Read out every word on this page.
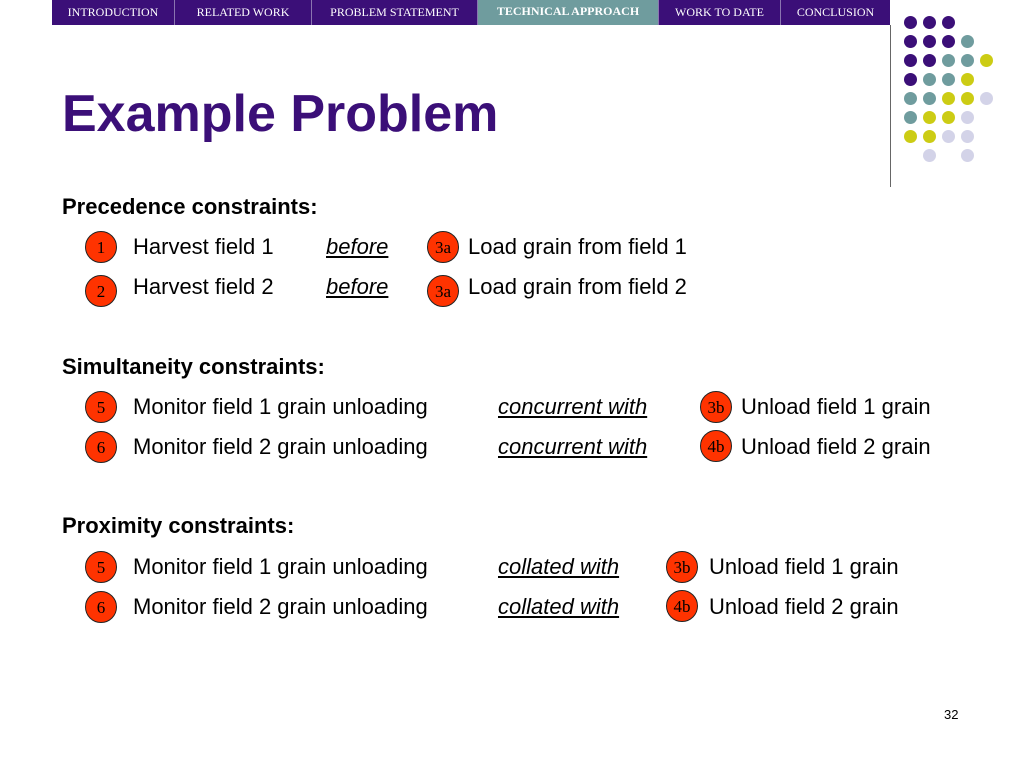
INTRODUCTION	RELATED WORK	PROBLEM STATEMENT	TECHNICAL APPROACH	WORK TO DATE	CONCLUSION
Example Problem
Precedence constraints:
1	Harvest field 1 before	3a Load grain from field 1
2	Harvest field 2 before	3a Load grain from field 2
Simultaneity constraints:
5	Monitor field 1 grain unloading	concurrent with	3b Unload field 1 grain
6	Monitor field 2 grain unloading	concurrent with	4b Unload field 2 grain
Proximity constraints:
5	Monitor field 1 grain unloading	collated with	3b Unload field 1 grain
6	Monitor field 2 grain unloading	collated with	4b Unload field 2 grain
32
